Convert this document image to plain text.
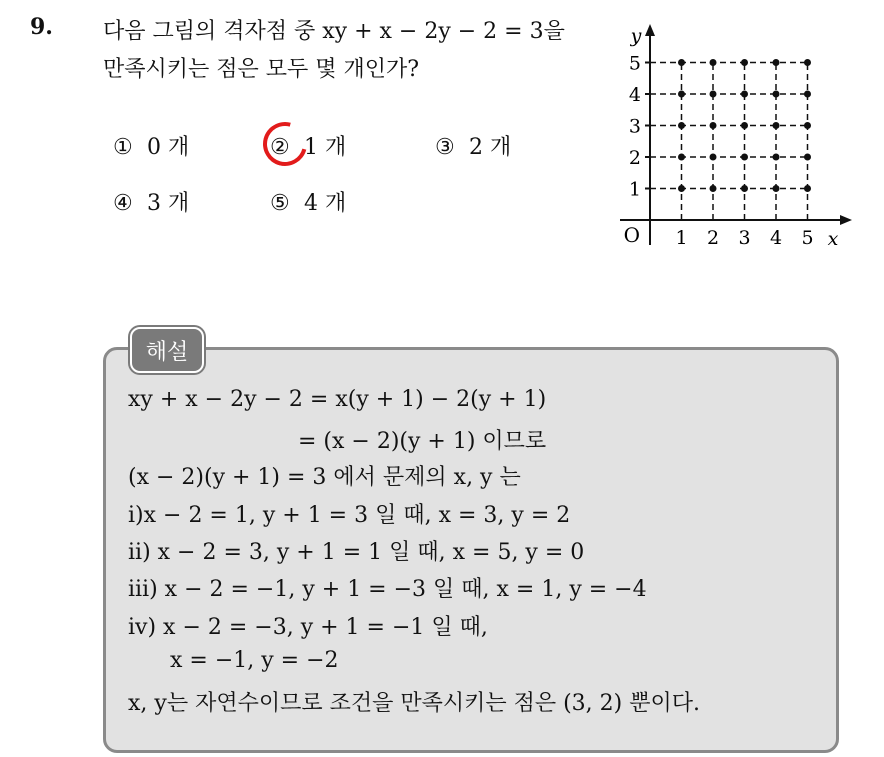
9. 다음 그림의 격자점 중 xy + x − 2y − 2 = 3을
만족시키는 점은 모두 몇 개인가?
① 0 개	② 1 개	③ 2 개
④ 3 개	⑤ 4 개
1 2 3 4 5
1
2
3
4
5
O	x
y
해설
xy + x − 2y − 2 = x(y + 1) − 2(y + 1)
= (x − 2)(y + 1) 이므로
(x − 2)(y + 1) = 3 에서 문제의 x, y 는
ⅰ)x − 2 = 1, y + 1 = 3 일 때, x = 3, y = 2
ⅱ) x − 2 = 3, y + 1 = 1 일 때, x = 5, y = 0
ⅲ) x − 2 = −1, y + 1 = −3 일 때, x = 1, y = −4
ⅳ) x − 2 = −3, y + 1 = −1 일 때,
x = −1, y = −2
x, y는 자연수이므로 조건을 만족시키는 점은 (3, 2) 뿐이다.
